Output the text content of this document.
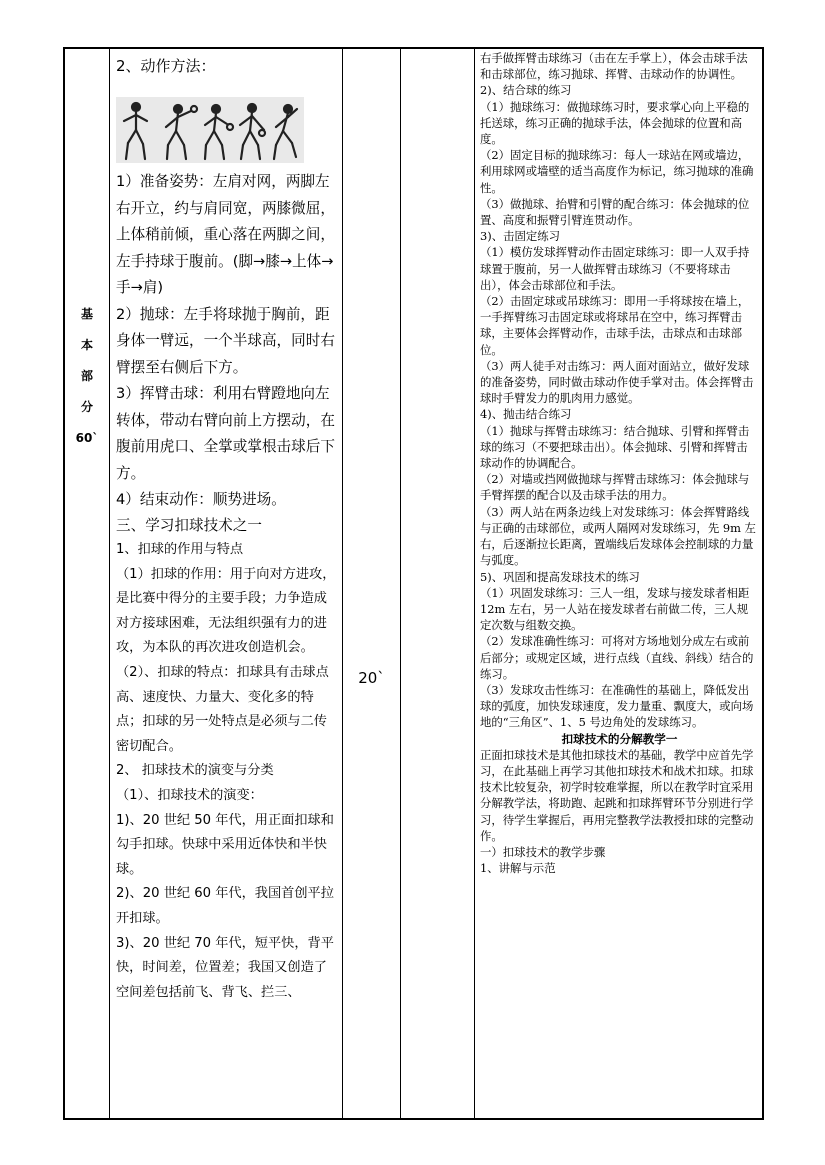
基
本
部
分
60`

2、动作方法：

1）准备姿势：左肩对网，两脚左右开立，约与肩同宽，两膝微屈，上体稍前倾，重心落在两脚之间，左手持球于腹前。(脚→膝→上体→手→肩)

2）抛球：左手将球抛于胸前，距身体一臂远，一个半球高，同时右臂摆至右侧后下方。

3）挥臂击球：利用右臂蹬地向左转体，带动右臂向前上方摆动，在腹前用虎口、全掌或掌根击球后下方。

4）结束动作：顺势进场。

三、学习扣球技术之一

1、扣球的作用与特点

（1）扣球的作用：用于向对方进攻，是比赛中得分的主要手段；力争造成对方接球困难，无法组织强有力的进攻，为本队的再次进攻创造机会。

（2）、扣球的特点：扣球具有击球点高、速度快、力量大、变化多的特点；扣球的另一处特点是必须与二传密切配合。

2、 扣球技术的演变与分类

（1）、扣球技术的演变：

1)、20 世纪 50 年代，用正面扣球和勾手扣球。快球中采用近体快和半快球。

2)、20 世纪 60 年代，我国首创平拉开扣球。

3)、20 世纪 70 年代，短平快，背平快，时间差，位置差；我国又创造了空间差包括前飞、背飞、拦三、

20`

右手做挥臂击球练习（击在左手掌上），体会击球手法和击球部位，练习抛球、挥臂、击球动作的协调性。

2)、结合球的练习

（1）抛球练习：做抛球练习时，要求掌心向上平稳的托送球，练习正确的抛球手法，体会抛球的位置和高度。

（2）固定目标的抛球练习：每人一球站在网或墙边，利用球网或墙壁的适当高度作为标记，练习抛球的准确性。

（3）做抛球、抬臂和引臂的配合练习：体会抛球的位置、高度和振臂引臂连贯动作。

3)、击固定练习

（1）模仿发球挥臂动作击固定球练习：即一人双手持球置于腹前，另一人做挥臂击球练习（不要将球击出），体会击球部位和手法。

（2）击固定球或吊球练习：即用一手将球按在墙上，一手挥臂练习击固定球或将球吊在空中，练习挥臂击球，主要体会挥臂动作，击球手法，击球点和击球部位。

（3）两人徒手对击练习：两人面对面站立，做好发球的准备姿势，同时做击球动作使手掌对击。体会挥臂击球时手臂发力的肌肉用力感觉。

4)、抛击结合练习

（1）抛球与挥臂击球练习：结合抛球、引臂和挥臂击球的练习（不要把球击出）。体会抛球、引臂和挥臂击球动作的协调配合。

（2）对墙或挡网做抛球与挥臂击球练习：体会抛球与手臂挥摆的配合以及击球手法的用力。

（3）两人站在两条边线上对发球练习：体会挥臂路线与正确的击球部位，或两人隔网对发球练习，先 9m 左右，后逐渐拉长距离，置端线后发球体会控制球的力量与弧度。

5)、巩固和提高发球技术的练习

（1）巩固发球练习：三人一组，发球与接发球者相距 12m 左右，另一人站在接发球者右前做二传，三人规定次数与组数交换。

（2）发球准确性练习：可将对方场地划分成左右或前后部分；或规定区域，进行点线（直线、斜线）结合的练习。

（3）发球攻击性练习：在准确性的基础上，降低发出球的弧度，加快发球速度，发力量重、飘度大，或向场地的“三角区”、1、5 号边角处的发球练习。

扣球技术的分解教学一

正面扣球技术是其他扣球技术的基础，教学中应首先学习，在此基础上再学习其他扣球技术和战术扣球。扣球技术比较复杂，初学时较难掌握，所以在教学时宜采用分解教学法，将助跑、起跳和扣球挥臂环节分别进行学习，待学生掌握后，再用完整教学法教授扣球的完整动作。

一）扣球技术的教学步骤

1、讲解与示范
